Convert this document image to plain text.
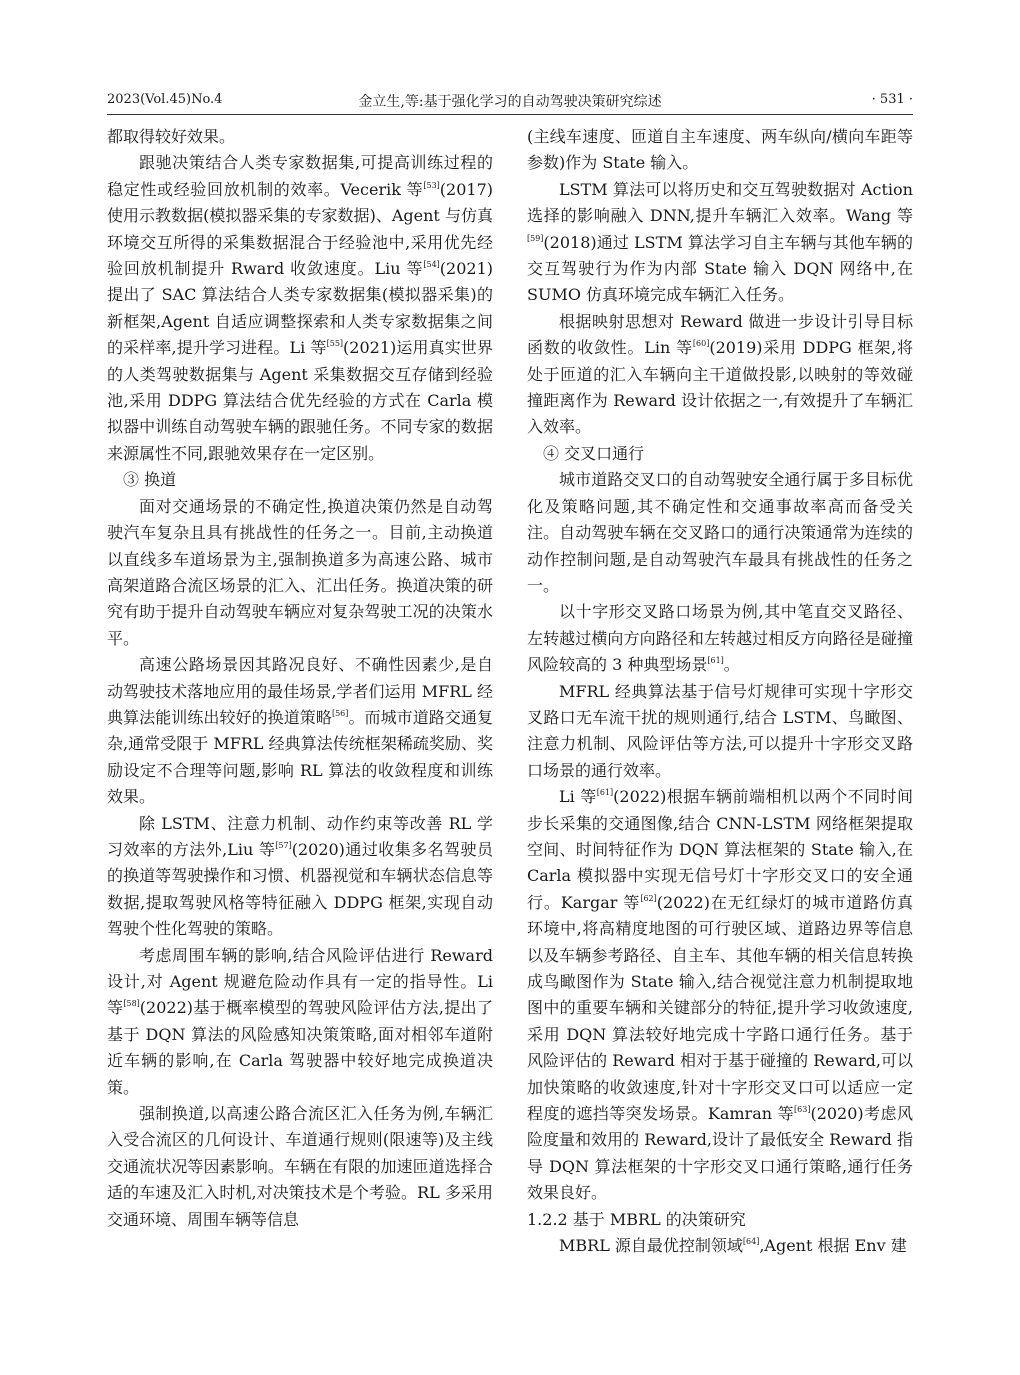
2023(Vol.45)No.4	金立生,等:基于强化学习的自动驾驶决策研究综述	· 531 ·

都取得较好效果。

跟驰决策结合人类专家数据集,可提高训练过程的稳定性或经验回放机制的效率。Vecerik 等[53](2017)使用示教数据(模拟器采集的专家数据)、Agent 与仿真环境交互所得的采集数据混合于经验池中,采用优先经验回放机制提升 Rward 收敛速度。Liu 等[54](2021)提出了 SAC 算法结合人类专家数据集(模拟器采集)的新框架,Agent 自适应调整探索和人类专家数据集之间的采样率,提升学习进程。Li 等[55](2021)运用真实世界的人类驾驶数据集与 Agent 采集数据交互存储到经验池,采用 DDPG 算法结合优先经验的方式在 Carla 模拟器中训练自动驾驶车辆的跟驰任务。不同专家的数据来源属性不同,跟驰效果存在一定区别。

③ 换道

面对交通场景的不确定性,换道决策仍然是自动驾驶汽车复杂且具有挑战性的任务之一。目前,主动换道以直线多车道场景为主,强制换道多为高速公路、城市高架道路合流区场景的汇入、汇出任务。换道决策的研究有助于提升自动驾驶车辆应对复杂驾驶工况的决策水平。

高速公路场景因其路况良好、不确性因素少,是自动驾驶技术落地应用的最佳场景,学者们运用 MFRL 经典算法能训练出较好的换道策略[56]。而城市道路交通复杂,通常受限于 MFRL 经典算法传统框架稀疏奖励、奖励设定不合理等问题,影响 RL 算法的收敛程度和训练效果。

除 LSTM、注意力机制、动作约束等改善 RL 学习效率的方法外,Liu 等[57](2020)通过收集多名驾驶员的换道等驾驶操作和习惯、机器视觉和车辆状态信息等数据,提取驾驶风格等特征融入 DDPG 框架,实现自动驾驶个性化驾驶的策略。

考虑周围车辆的影响,结合风险评估进行 Reward 设计,对 Agent 规避危险动作具有一定的指导性。Li 等[58](2022)基于概率模型的驾驶风险评估方法,提出了基于 DQN 算法的风险感知决策策略,面对相邻车道附近车辆的影响,在 Carla 驾驶器中较好地完成换道决策。

强制换道,以高速公路合流区汇入任务为例,车辆汇入受合流区的几何设计、车道通行规则(限速等)及主线交通流状况等因素影响。车辆在有限的加速匝道选择合适的车速及汇入时机,对决策技术是个考验。RL 多采用交通环境、周围车辆等信息

(主线车速度、匝道自主车速度、两车纵向/横向车距等参数)作为 State 输入。

LSTM 算法可以将历史和交互驾驶数据对 Action 选择的影响融入 DNN,提升车辆汇入效率。Wang 等[59](2018)通过 LSTM 算法学习自主车辆与其他车辆的交互驾驶行为作为内部 State 输入 DQN 网络中,在 SUMO 仿真环境完成车辆汇入任务。

根据映射思想对 Reward 做进一步设计引导目标函数的收敛性。Lin 等[60](2019)采用 DDPG 框架,将处于匝道的汇入车辆向主干道做投影,以映射的等效碰撞距离作为 Reward 设计依据之一,有效提升了车辆汇入效率。

④ 交叉口通行

城市道路交叉口的自动驾驶安全通行属于多目标优化及策略问题,其不确定性和交通事故率高而备受关注。自动驾驶车辆在交叉路口的通行决策通常为连续的动作控制问题,是自动驾驶汽车最具有挑战性的任务之一。

以十字形交叉路口场景为例,其中笔直交叉路径、左转越过横向方向路径和左转越过相反方向路径是碰撞风险较高的 3 种典型场景[61]。

MFRL 经典算法基于信号灯规律可实现十字形交叉路口无车流干扰的规则通行,结合 LSTM、鸟瞰图、注意力机制、风险评估等方法,可以提升十字形交叉路口场景的通行效率。

Li 等[61](2022)根据车辆前端相机以两个不同时间步长采集的交通图像,结合 CNN-LSTM 网络框架提取空间、时间特征作为 DQN 算法框架的 State 输入,在 Carla 模拟器中实现无信号灯十字形交叉口的安全通行。Kargar 等[62](2022)在无红绿灯的城市道路仿真环境中,将高精度地图的可行驶区域、道路边界等信息以及车辆参考路径、自主车、其他车辆的相关信息转换成鸟瞰图作为 State 输入,结合视觉注意力机制提取地图中的重要车辆和关键部分的特征,提升学习收敛速度,采用 DQN 算法较好地完成十字路口通行任务。基于风险评估的 Reward 相对于基于碰撞的 Reward,可以加快策略的收敛速度,针对十字形交叉口可以适应一定程度的遮挡等突发场景。Kamran 等[63](2020)考虑风险度量和效用的 Reward,设计了最低安全 Reward 指导 DQN 算法框架的十字形交叉口通行策略,通行任务效果良好。

1.2.2 基于 MBRL 的决策研究

MBRL 源自最优控制领域[64],Agent 根据 Env 建
